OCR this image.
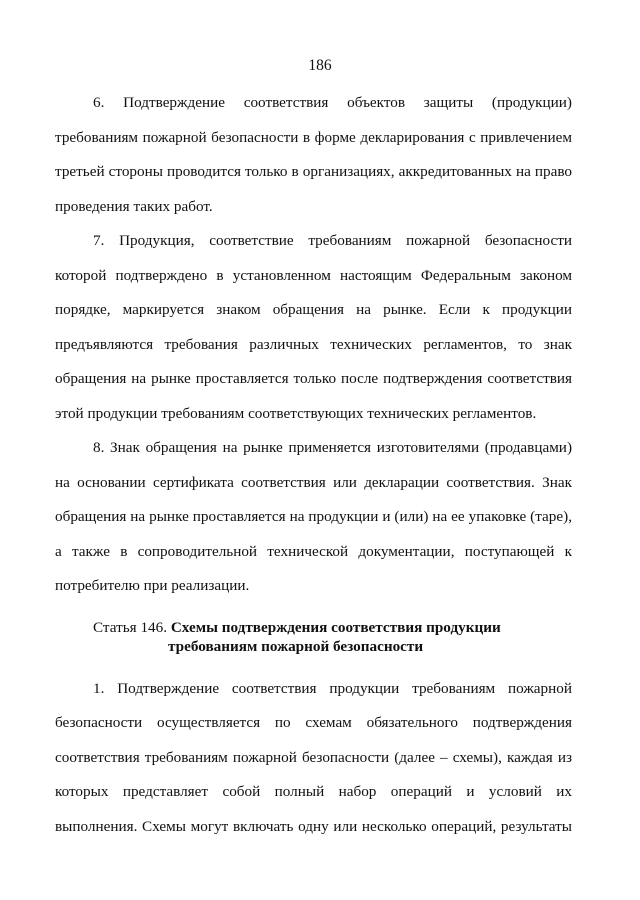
186

6. Подтверждение соответствия объектов защиты (продукции)
требованиям пожарной безопасности в форме декларирования с привлечением
третьей стороны проводится только в организациях, аккредитованных на право
проведения таких работ.

7. Продукция, соответствие требованиям пожарной безопасности
которой подтверждено в установленном настоящим Федеральным законом
порядке, маркируется знаком обращения на рынке. Если к продукции
предъявляются требования различных технических регламентов, то знак
обращения на рынке проставляется только после подтверждения соответствия
этой продукции требованиям соответствующих технических регламентов.

8. Знак обращения на рынке применяется изготовителями (продавцами)
на основании сертификата соответствия или декларации соответствия. Знак
обращения на рынке проставляется на продукции и (или) на ее упаковке (таре),
а также в сопроводительной технической документации, поступающей к
потребителю при реализации.

Статья 146. Схемы подтверждения соответствия продукции
требованиям пожарной безопасности

1. Подтверждение соответствия продукции требованиям пожарной
безопасности осуществляется по схемам обязательного подтверждения
соответствия требованиям пожарной безопасности (далее – схемы), каждая из
которых представляет собой полный набор операций и условий их
выполнения. Схемы могут включать одну или несколько операций, результаты
